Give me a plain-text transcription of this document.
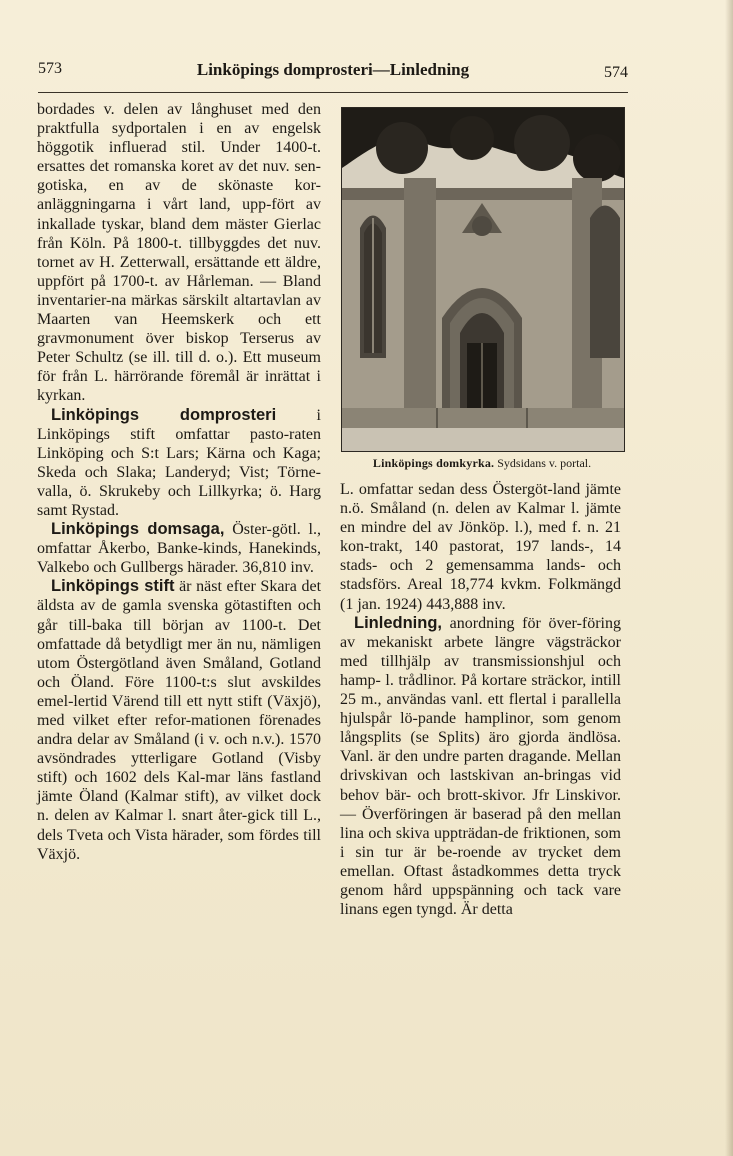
573	Linköpings domprosteri—Linledning	574

bordades v. delen av långhuset med den praktfulla sydportalen i en av engelsk höggotik influerad stil. Under 1400-t. ersattes det romanska koret av det nuv. sen-gotiska, en av de skönaste kor-anläggningarna i vårt land, upp-fört av inkallade tyskar, bland dem mäster Gierlac från Köln. På 1800-t. tillbyggdes det nuv. tornet av H. Zetterwall, ersättande ett äldre, uppfört på 1700-t. av Hårleman. — Bland inventarier-na märkas särskilt altartavlan av Maarten van Heemskerk och ett gravmonument över biskop Terserus av Peter Schultz (se ill. till d. o.). Ett museum för från L. härrörande föremål är inrättat i kyrkan.

Linköpings domprosteri i Linköpings stift omfattar pasto-raten Linköping och S:t Lars; Kärna och Kaga; Skeda och Slaka; Landeryd; Vist; Törne-valla, ö. Skrukeby och Lillkyrka; ö. Harg samt Rystad.

Linköpings domsaga, Öster-götl. l., omfattar Åkerbo, Banke-kinds, Hanekinds, Valkebo och Gullbergs härader. 36,810 inv.

Linköpings stift är näst efter Skara det äldsta av de gamla svenska götastiften och går till-baka till början av 1100-t. Det omfattade då betydligt mer än nu, nämligen utom Östergötland även Småland, Gotland och Öland. Före 1100-t:s slut avskildes emel-lertid Värend till ett nytt stift (Växjö), med vilket efter refor-mationen förenades andra delar av Småland (i v. och n.v.). 1570 avsöndrades ytterligare Gotland (Visby stift) och 1602 dels Kal-mar läns fastland jämte Öland (Kalmar stift), av vilket dock n. delen av Kalmar l. snart åter-gick till L., dels Tveta och Vista härader, som fördes till Växjö.

Linköpings domkyrka. Sydsidans v. portal.

L. omfattar sedan dess Östergöt-land jämte n.ö. Småland (n. delen av Kalmar l. jämte en mindre del av Jönköp. l.), med f. n. 21 kon-trakt, 140 pastorat, 197 lands-, 14 stads- och 2 gemensamma lands- och stadsförs. Areal 18,774 kvkm. Folkmängd (1 jan. 1924) 443,888 inv.

Linledning, anordning för över-föring av mekaniskt arbete längre vägsträckor med tillhjälp av transmissionshjul och hamp- l. trådlinor. På kortare sträckor, intill 25 m., användas vanl. ett flertal i parallella hjulspår lö-pande hamplinor, som genom långsplits (se Splits) äro gjorda ändlösa. Vanl. är den undre parten dragande. Mellan drivskivan och lastskivan an-bringas vid behov bär- och brott-skivor. Jfr Linskivor. — Överföringen är baserad på den mellan lina och skiva uppträdan-de friktionen, som i sin tur är be-roende av trycket dem emellan. Oftast åstadkommes detta tryck genom hård uppspänning och tack vare linans egen tyngd. Är detta
